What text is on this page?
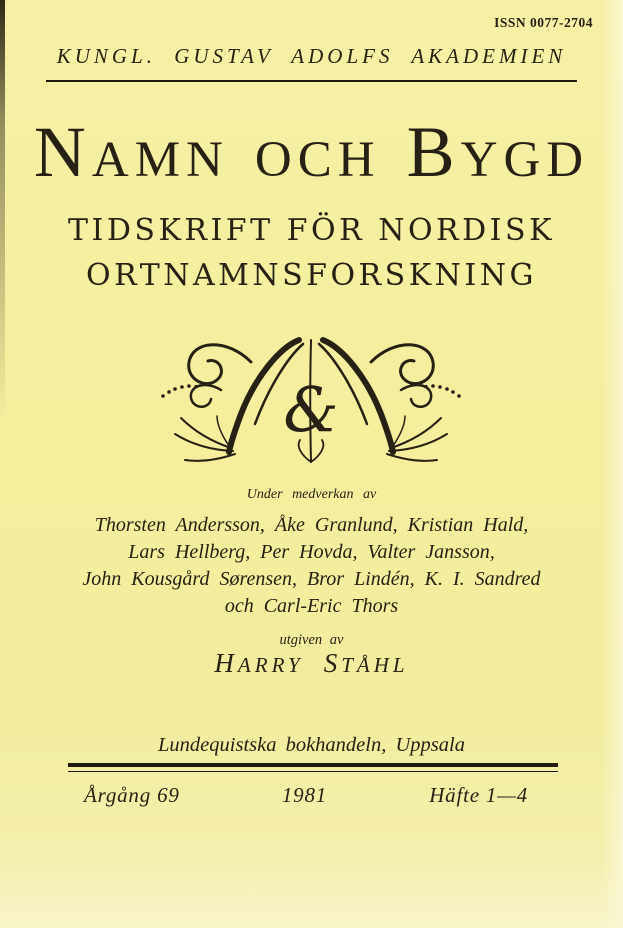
ISSN 0077-2704
KUNGL. GUSTAV ADOLFS AKADEMIEN
NAMN OCH BYGD
TIDSKRIFT FÖR NORDISK
ORTNAMNSFORSKNING
&
Under medverkan av
Thorsten Andersson, Åke Granlund, Kristian Hald,
Lars Hellberg, Per Hovda, Valter Jansson,
John Kousgård Sørensen, Bror Lindén, K. I. Sandred
och Carl-Eric Thors
utgiven av
HARRY STÅHL
Lundequistska bokhandeln, Uppsala
Årgång 69	1981	Häfte 1—4
